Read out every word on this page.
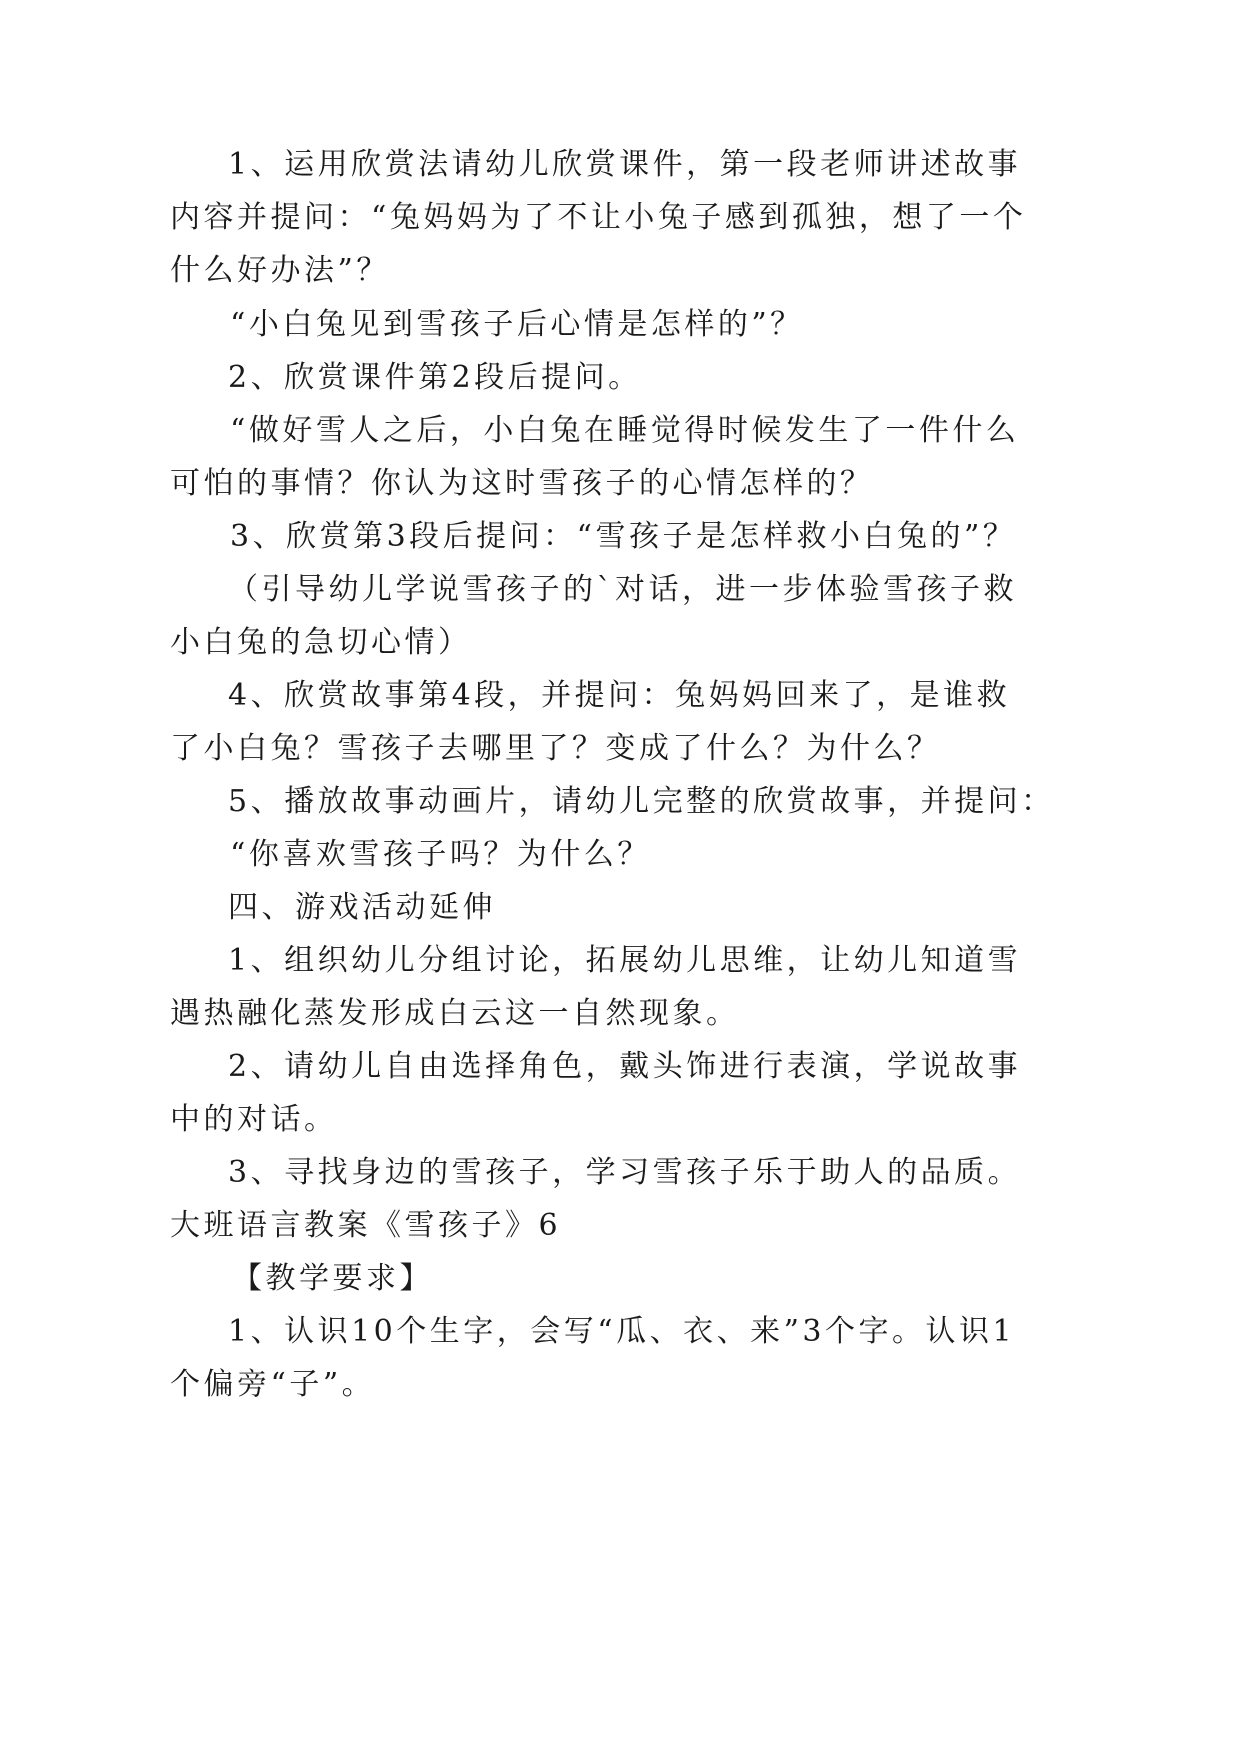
1、运用欣赏法请幼儿欣赏课件，第一段老师讲述故事
内容并提问：“兔妈妈为了不让小兔子感到孤独，想了一个
什么好办法”？
“小白兔见到雪孩子后心情是怎样的”？
2、欣赏课件第2段后提问。
“做好雪人之后，小白兔在睡觉得时候发生了一件什么
可怕的事情？你认为这时雪孩子的心情怎样的？
3、欣赏第3段后提问：“雪孩子是怎样救小白兔的”？
（引导幼儿学说雪孩子的`对话，进一步体验雪孩子救
小白兔的急切心情）
4、欣赏故事第4段，并提问：兔妈妈回来了，是谁救
了小白兔？雪孩子去哪里了？变成了什么？为什么？
5、播放故事动画片，请幼儿完整的欣赏故事，并提问：
“你喜欢雪孩子吗？为什么？
四、游戏活动延伸
1、组织幼儿分组讨论，拓展幼儿思维，让幼儿知道雪
遇热融化蒸发形成白云这一自然现象。
2、请幼儿自由选择角色，戴头饰进行表演，学说故事
中的对话。
3、寻找身边的雪孩子，学习雪孩子乐于助人的品质。
大班语言教案《雪孩子》6
【教学要求】
1、认识10个生字，会写“瓜、衣、来”3个字。认识1
个偏旁“子”。
